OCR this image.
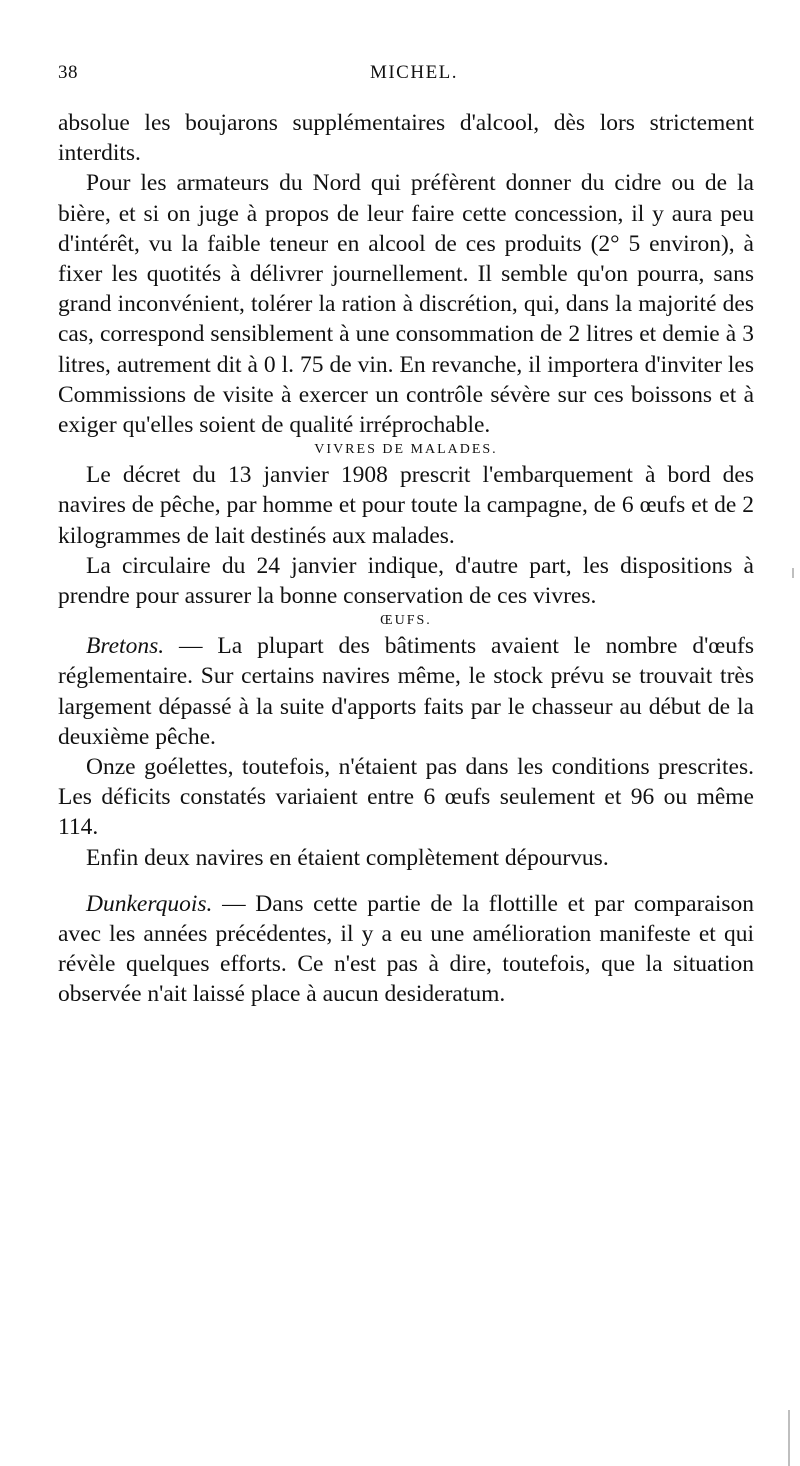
38	MICHEL.

absolue les boujarons supplémentaires d'alcool, dès lors strictement interdits.

Pour les armateurs du Nord qui préfèrent donner du cidre ou de la bière, et si on juge à propos de leur faire cette concession, il y aura peu d'intérêt, vu la faible teneur en alcool de ces produits (2° 5 environ), à fixer les quotités à délivrer journellement. Il semble qu'on pourra, sans grand inconvénient, tolérer la ration à discrétion, qui, dans la majorité des cas, correspond sensiblement à une consommation de 2 litres et demie à 3 litres, autrement dit à 0 l. 75 de vin. En revanche, il importera d'inviter les Commissions de visite à exercer un contrôle sévère sur ces boissons et à exiger qu'elles soient de qualité irréprochable.

VIVRES DE MALADES.

Le décret du 13 janvier 1908 prescrit l'embarquement à bord des navires de pêche, par homme et pour toute la campagne, de 6 œufs et de 2 kilogrammes de lait destinés aux malades.

La circulaire du 24 janvier indique, d'autre part, les dispositions à prendre pour assurer la bonne conservation de ces vivres.

ŒUFS.

Bretons. — La plupart des bâtiments avaient le nombre d'œufs réglementaire. Sur certains navires même, le stock prévu se trouvait très largement dépassé à la suite d'apports faits par le chasseur au début de la deuxième pêche.

Onze goélettes, toutefois, n'étaient pas dans les conditions prescrites. Les déficits constatés variaient entre 6 œufs seulement et 96 ou même 114.

Enfin deux navires en étaient complètement dépourvus.

Dunkerquois. — Dans cette partie de la flottille et par comparaison avec les années précédentes, il y a eu une amélioration manifeste et qui révèle quelques efforts. Ce n'est pas à dire, toutefois, que la situation observée n'ait laissé place à aucun desideratum.
